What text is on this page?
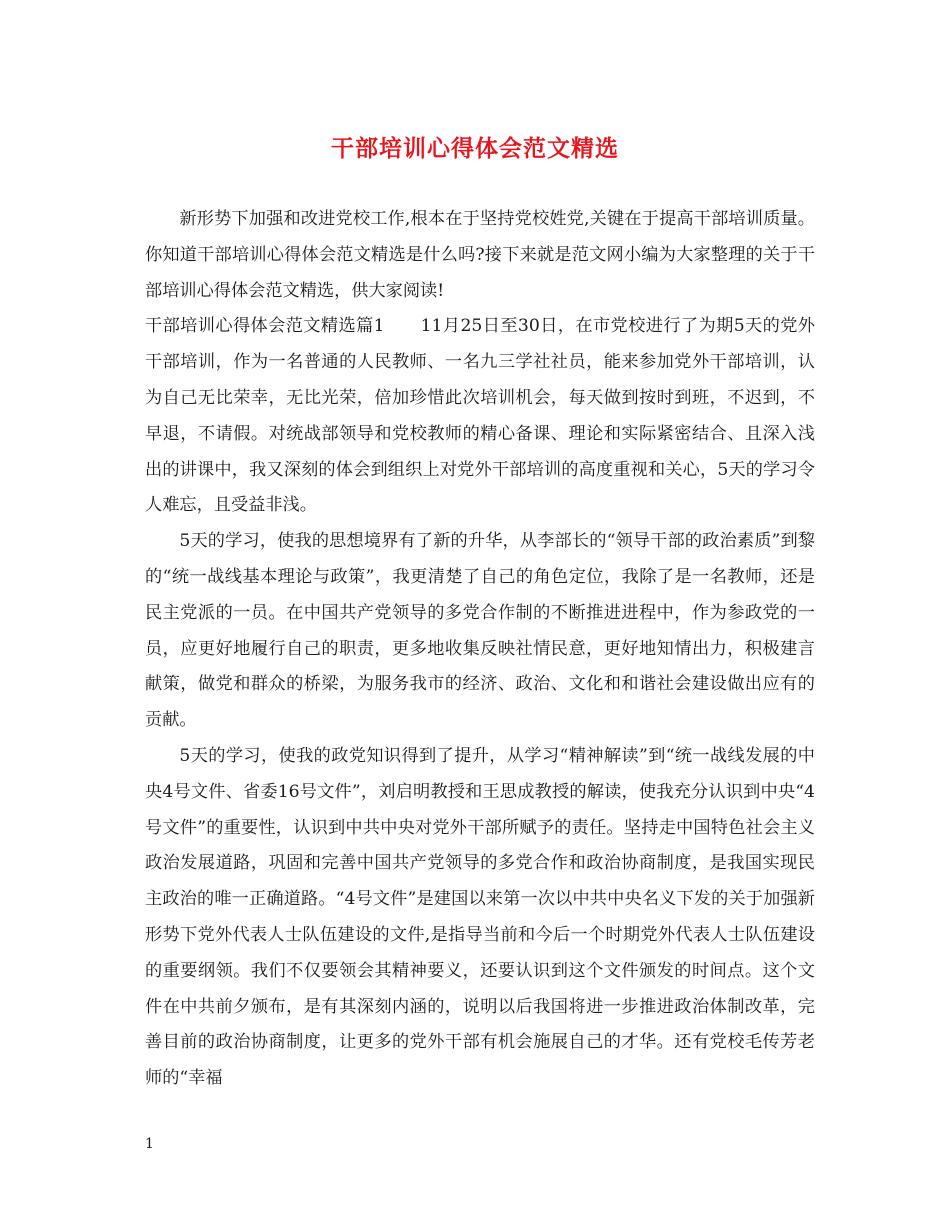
干部培训心得体会范文精选

新形势下加强和改进党校工作,根本在于坚持党校姓党,关键在于提高干部培训质量。你知道干部培训心得体会范文精选是什么吗?接下来就是范文网小编为大家整理的关于干部培训心得体会范文精选，供大家阅读!

干部培训心得体会范文精选篇1 11月25日至30日，在市党校进行了为期5天的党外干部培训，作为一名普通的人民教师、一名九三学社社员，能来参加党外干部培训，认为自己无比荣幸，无比光荣，倍加珍惜此次培训机会，每天做到按时到班，不迟到，不早退，不请假。对统战部领导和党校教师的精心备课、理论和实际紧密结合、且深入浅出的讲课中，我又深刻的体会到组织上对党外干部培训的高度重视和关心，5天的学习令人难忘，且受益非浅。

5天的学习，使我的思想境界有了新的升华，从李部长的“领导干部的政治素质”到黎的“统一战线基本理论与政策”，我更清楚了自己的角色定位，我除了是一名教师，还是民主党派的一员。在中国共产党领导的多党合作制的不断推进进程中，作为参政党的一员，应更好地履行自己的职责，更多地收集反映社情民意，更好地知情出力，积极建言献策，做党和群众的桥梁，为服务我市的经济、政治、文化和和谐社会建设做出应有的贡献。

5天的学习，使我的政党知识得到了提升，从学习“精神解读”到“统一战线发展的中央4号文件、省委16号文件”，刘启明教授和王思成教授的解读，使我充分认识到中央“4号文件”的重要性，认识到中共中央对党外干部所赋予的责任。坚持走中国特色社会主义政治发展道路，巩固和完善中国共产党领导的多党合作和政治协商制度，是我国实现民主政治的唯一正确道路。“4号文件”是建国以来第一次以中共中央名义下发的关于加强新形势下党外代表人士队伍建设的文件,是指导当前和今后一个时期党外代表人士队伍建设的重要纲领。我们不仅要领会其精神要义，还要认识到这个文件颁发的时间点。这个文件在中共前夕颁布，是有其深刻内涵的，说明以后我国将进一步推进政治体制改革，完善目前的政治协商制度，让更多的党外干部有机会施展自己的才华。还有党校毛传芳老师的“幸福

1
